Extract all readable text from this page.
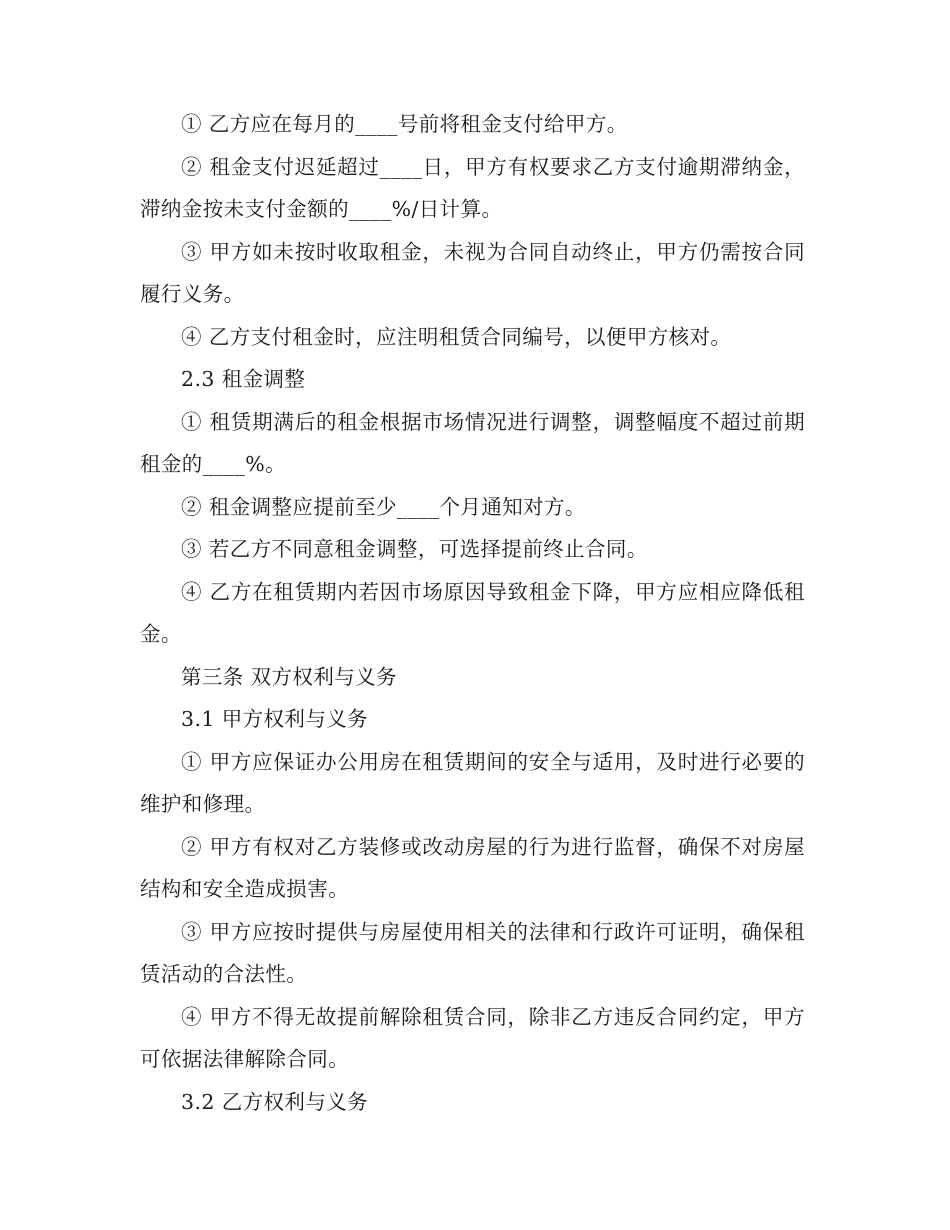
① 乙方应在每月的____号前将租金支付给甲方。

② 租金支付迟延超过____日，甲方有权要求乙方支付逾期滞纳金，滞纳金按未支付金额的____%/日计算。

③ 甲方如未按时收取租金，未视为合同自动终止，甲方仍需按合同履行义务。

④ 乙方支付租金时，应注明租赁合同编号，以便甲方核对。

2.3 租金调整

① 租赁期满后的租金根据市场情况进行调整，调整幅度不超过前期租金的____%。

② 租金调整应提前至少____个月通知对方。

③ 若乙方不同意租金调整，可选择提前终止合同。

④ 乙方在租赁期内若因市场原因导致租金下降，甲方应相应降低租金。

第三条 双方权利与义务

3.1 甲方权利与义务

① 甲方应保证办公用房在租赁期间的安全与适用，及时进行必要的维护和修理。

② 甲方有权对乙方装修或改动房屋的行为进行监督，确保不对房屋结构和安全造成损害。

③ 甲方应按时提供与房屋使用相关的法律和行政许可证明，确保租赁活动的合法性。

④ 甲方不得无故提前解除租赁合同，除非乙方违反合同约定，甲方可依据法律解除合同。

3.2 乙方权利与义务
